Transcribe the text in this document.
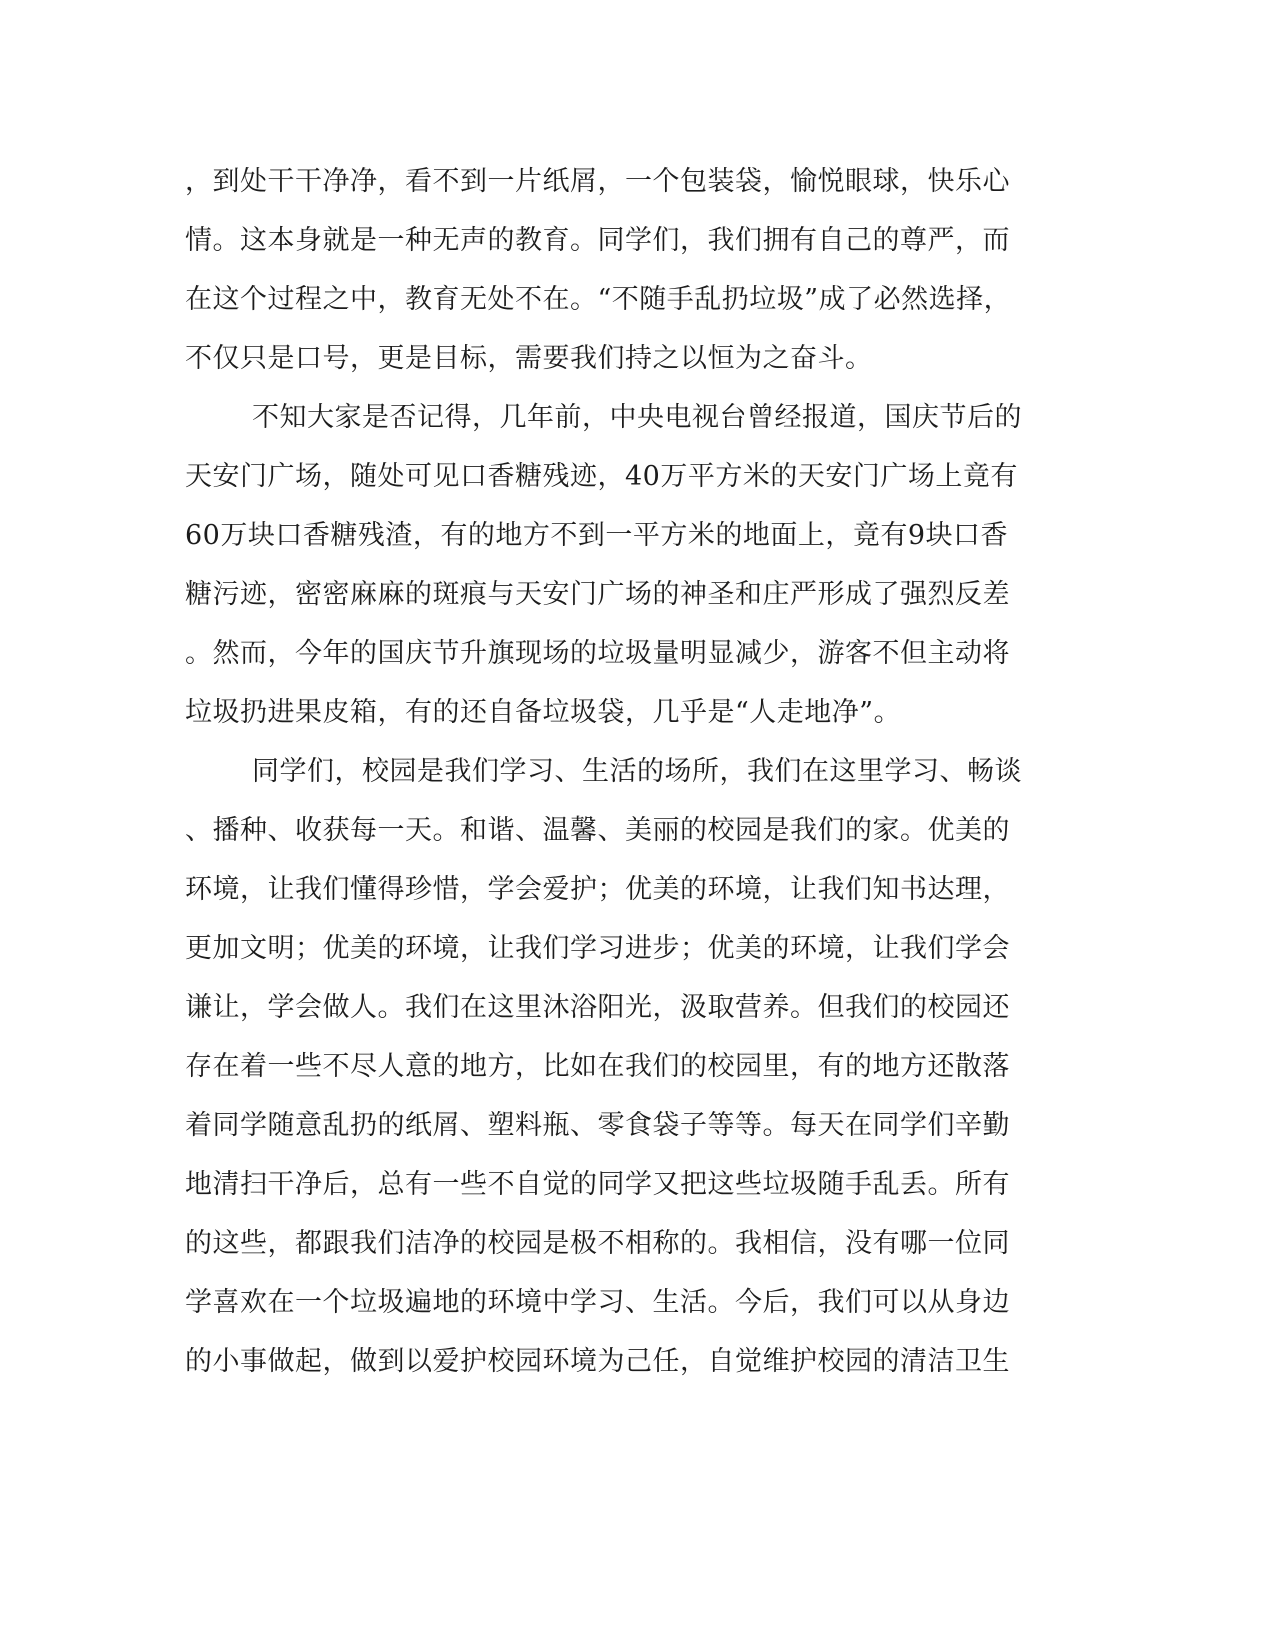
，到处干干净净，看不到一片纸屑，一个包装袋，愉悦眼球，快乐心
情。这本身就是一种无声的教育。同学们，我们拥有自己的尊严，而
在这个过程之中，教育无处不在。“不随手乱扔垃圾”成了必然选择，
不仅只是口号，更是目标，需要我们持之以恒为之奋斗。
不知大家是否记得，几年前，中央电视台曾经报道，国庆节后的
天安门广场，随处可见口香糖残迹，40万平方米的天安门广场上竟有
60万块口香糖残渣，有的地方不到一平方米的地面上，竟有9块口香
糖污迹，密密麻麻的斑痕与天安门广场的神圣和庄严形成了强烈反差
。然而，今年的国庆节升旗现场的垃圾量明显减少，游客不但主动将
垃圾扔进果皮箱，有的还自备垃圾袋，几乎是“人走地净”。
同学们，校园是我们学习、生活的场所，我们在这里学习、畅谈
、播种、收获每一天。和谐、温馨、美丽的校园是我们的家。优美的
环境，让我们懂得珍惜，学会爱护；优美的环境，让我们知书达理，
更加文明；优美的环境，让我们学习进步；优美的环境，让我们学会
谦让，学会做人。我们在这里沐浴阳光，汲取营养。但我们的校园还
存在着一些不尽人意的地方，比如在我们的校园里，有的地方还散落
着同学随意乱扔的纸屑、塑料瓶、零食袋子等等。每天在同学们辛勤
地清扫干净后，总有一些不自觉的同学又把这些垃圾随手乱丢。所有
的这些，都跟我们洁净的校园是极不相称的。我相信，没有哪一位同
学喜欢在一个垃圾遍地的环境中学习、生活。今后，我们可以从身边
的小事做起，做到以爱护校园环境为己任，自觉维护校园的清洁卫生
